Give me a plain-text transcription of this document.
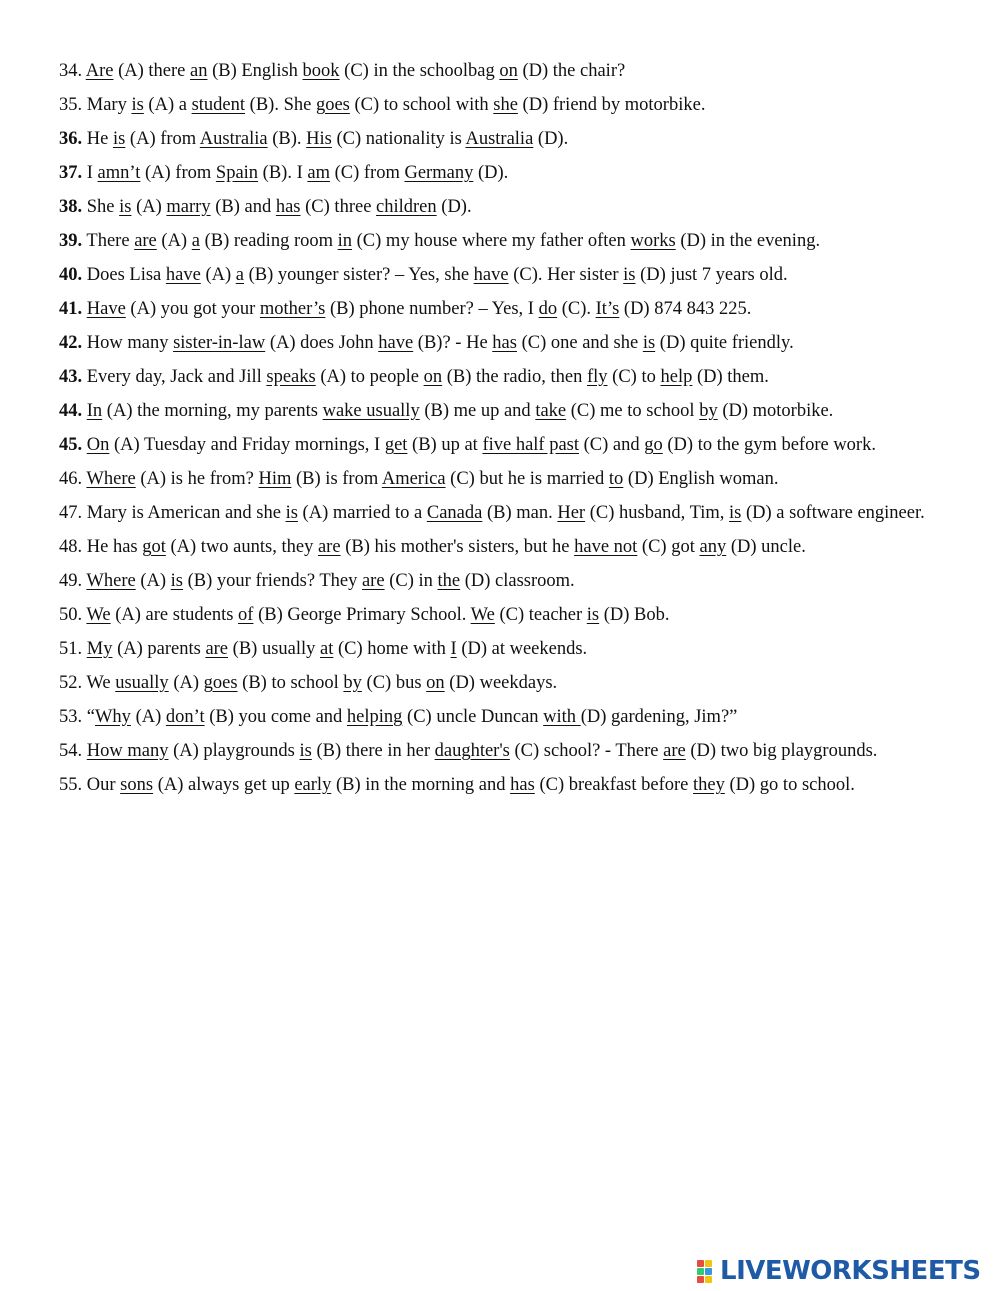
34. Are (A) there an (B) English book (C) in the schoolbag on (D) the chair?
35. Mary is (A) a student (B). She goes (C) to school with she (D) friend by motorbike.
36. He is (A) from Australia (B). His (C) nationality is Australia (D).
37. I amn’t (A) from Spain (B). I am (C) from Germany (D).
38. She is (A) marry (B) and has (C) three children (D).
39. There are (A) a (B) reading room in (C) my house where my father often works (D) in the evening.
40. Does Lisa have (A) a (B) younger sister? – Yes, she have (C). Her sister is (D) just 7 years old.
41. Have (A) you got your mother’s (B) phone number? – Yes, I do (C). It’s (D) 874 843 225.
42. How many sister-in-law (A) does John have (B)? - He has (C) one and she is (D) quite friendly.
43. Every day, Jack and Jill speaks (A) to people on (B) the radio, then fly (C) to help (D) them.
44. In (A) the morning, my parents wake usually (B) me up and take (C) me to school by (D) motorbike.
45. On (A) Tuesday and Friday mornings, I get (B) up at five half past (C) and go (D) to the gym before work.
46. Where (A) is he from? Him (B) is from America (C) but he is married to (D) English woman.
47. Mary is American and she is (A) married to a Canada (B) man. Her (C) husband, Tim, is (D) a software engineer.
48. He has got (A) two aunts, they are (B) his mother's sisters, but he have not (C) got any (D) uncle.
49. Where (A) is (B) your friends? They are (C) in the (D) classroom.
50. We (A) are students of (B) George Primary School. We (C) teacher is (D) Bob.
51. My (A) parents are (B) usually at (C) home with I (D) at weekends.
52. We usually (A) goes (B) to school by (C) bus on (D) weekdays.
53. “Why (A) don’t (B) you come and helping (C) uncle Duncan with (D) gardening, Jim?”
54. How many (A) playgrounds is (B) there in her daughter's (C) school? - There are (D) two big playgrounds.
55. Our sons (A) always get up early (B) in the morning and has (C) breakfast before they (D) go to school.
LIVEWORKSHEETS
